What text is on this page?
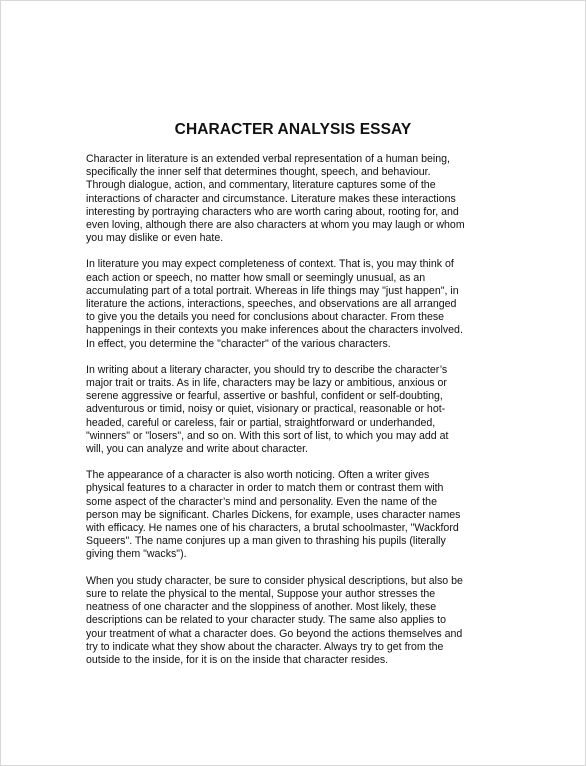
CHARACTER ANALYSIS ESSAY

Character in literature is an extended verbal representation of a human being,
specifically the inner self that determines thought, speech, and behaviour.
Through dialogue, action, and commentary, literature captures some of the
interactions of character and circumstance. Literature makes these interactions
interesting by portraying characters who are worth caring about, rooting for, and
even loving, although there are also characters at whom you may laugh or whom
you may dislike or even hate.

In literature you may expect completeness of context. That is, you may think of
each action or speech, no matter how small or seemingly unusual, as an
accumulating part of a total portrait. Whereas in life things may "just happen", in
literature the actions, interactions, speeches, and observations are all arranged
to give you the details you need for conclusions about character. From these
happenings in their contexts you make inferences about the characters involved.
In effect, you determine the "character" of the various characters.

In writing about a literary character, you should try to describe the character’s
major trait or traits. As in life, characters may be lazy or ambitious, anxious or
serene aggressive or fearful, assertive or bashful, confident or self-doubting,
adventurous or timid, noisy or quiet, visionary or practical, reasonable or hot-
headed, careful or careless, fair or partial, straightforward or underhanded,
"winners" or "losers", and so on. With this sort of list, to which you may add at
will, you can analyze and write about character.

The appearance of a character is also worth noticing. Often a writer gives
physical features to a character in order to match them or contrast them with
some aspect of the character’s mind and personality. Even the name of the
person may be significant. Charles Dickens, for example, uses character names
with efficacy. He names one of his characters, a brutal schoolmaster, "Wackford
Squeers". The name conjures up a man given to thrashing his pupils (literally
giving them "wacks").

When you study character, be sure to consider physical descriptions, but also be
sure to relate the physical to the mental, Suppose your author stresses the
neatness of one character and the sloppiness of another. Most likely, these
descriptions can be related to your character study. The same also applies to
your treatment of what a character does. Go beyond the actions themselves and
try to indicate what they show about the character. Always try to get from the
outside to the inside, for it is on the inside that character resides.
